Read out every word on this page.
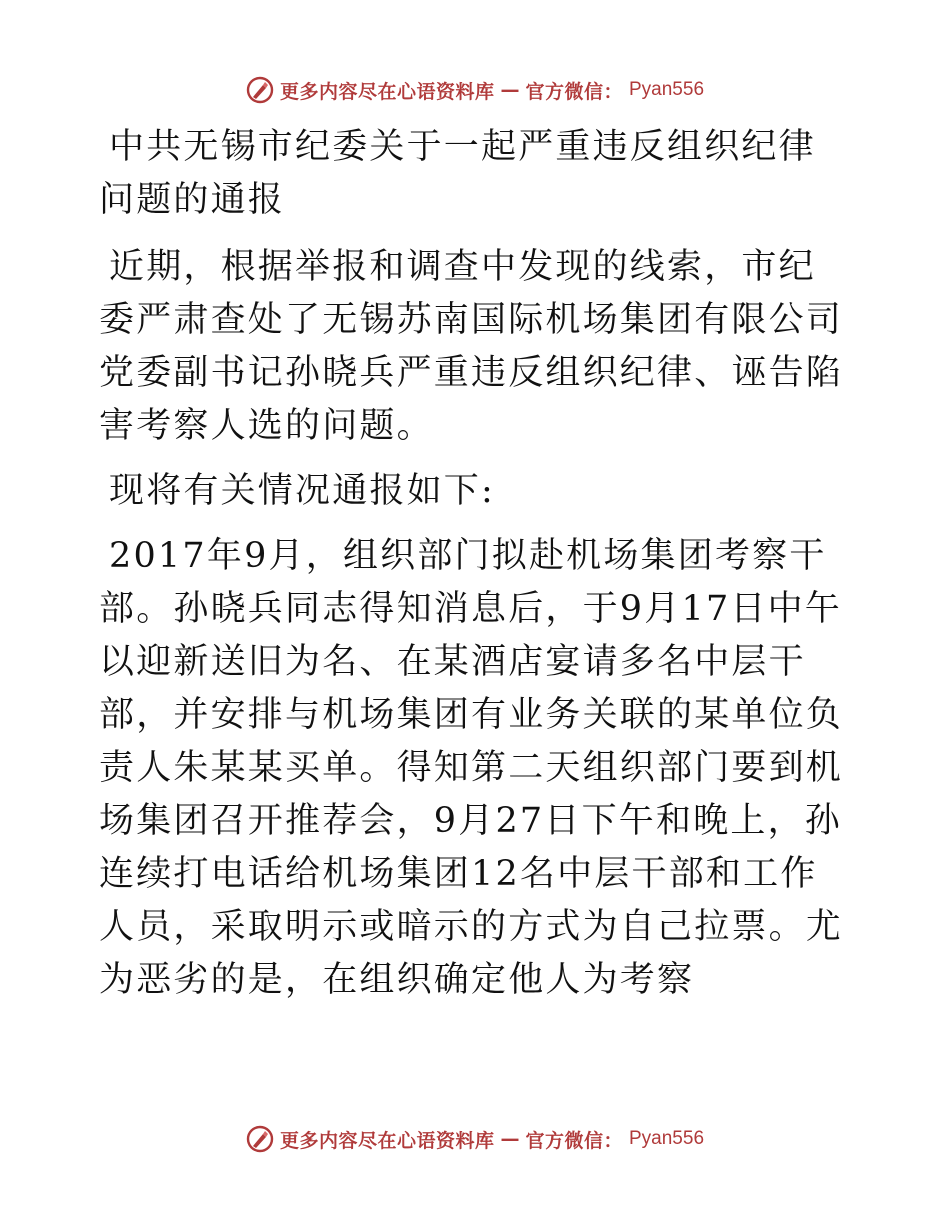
更多内容尽在心语资料库 — 官方微信： Pyan556

中共无锡市纪委关于一起严重违反组织纪律问题的通报

近期，根据举报和调查中发现的线索，市纪委严肃查处了无锡苏南国际机场集团有限公司党委副书记孙晓兵严重违反组织纪律、诬告陷害考察人选的问题。

现将有关情况通报如下:

2017年9月，组织部门拟赴机场集团考察干部。孙晓兵同志得知消息后，于9月17日中午以迎新送旧为名、在某酒店宴请多名中层干部，并安排与机场集团有业务关联的某单位负责人朱某某买单。得知第二天组织部门要到机场集团召开推荐会，9月27日下午和晚上，孙连续打电话给机场集团12名中层干部和工作人员，采取明示或暗示的方式为自己拉票。尤为恶劣的是，在组织确定他人为考察

更多内容尽在心语资料库 — 官方微信： Pyan556
